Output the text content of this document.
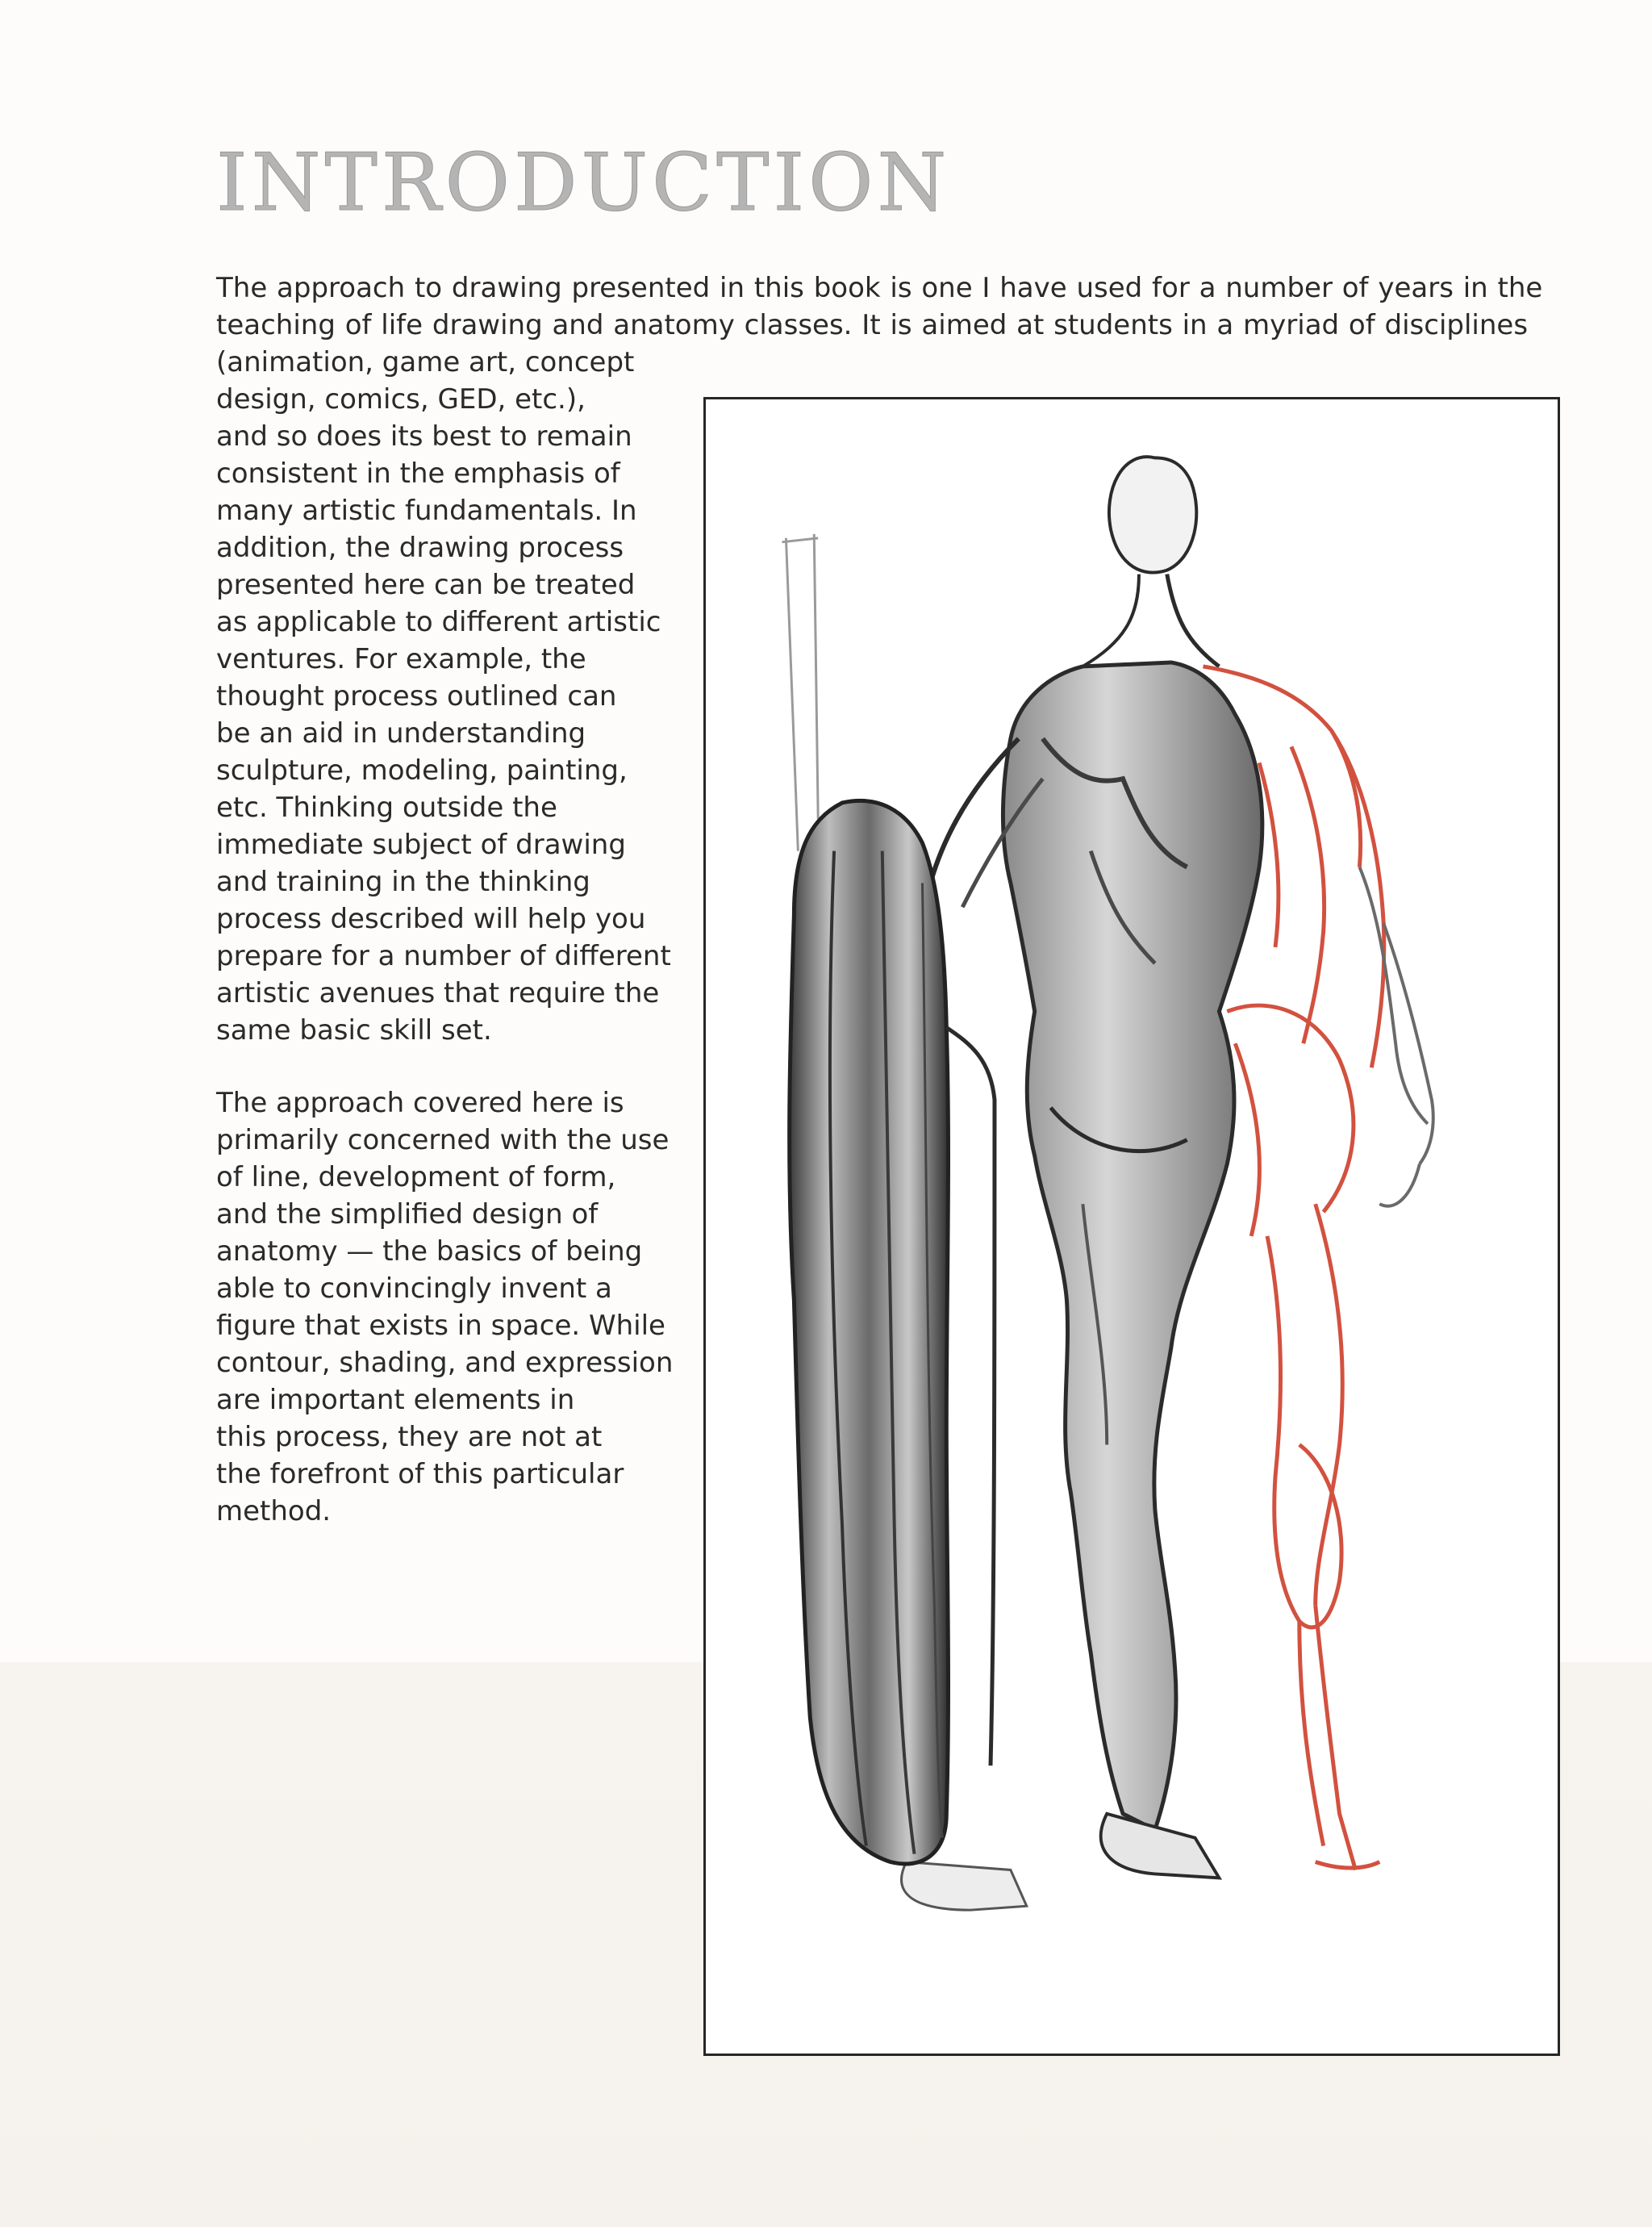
INTRODUCTION

The approach to drawing presented in this book is one I have used for a number of years in the
teaching of life drawing and anatomy classes. It is aimed at students in a myriad of disciplines

(animation, game art, concept
design, comics, GED, etc.),
and so does its best to remain
consistent in the emphasis of
many artistic fundamentals. In
addition, the drawing process
presented here can be treated
as applicable to different artistic
ventures. For example, the
thought process outlined can
be an aid in understanding
sculpture, modeling, painting,
etc. Thinking outside the
immediate subject of drawing
and training in the thinking
process described will help you
prepare for a number of different
artistic avenues that require the
same basic skill set.

The approach covered here is
primarily concerned with the use
of line, development of form,
and the simplified design of
anatomy — the basics of being
able to convincingly invent a
figure that exists in space. While
contour, shading, and expression
are important elements in
this process, they are not at
the forefront of this particular
method.
